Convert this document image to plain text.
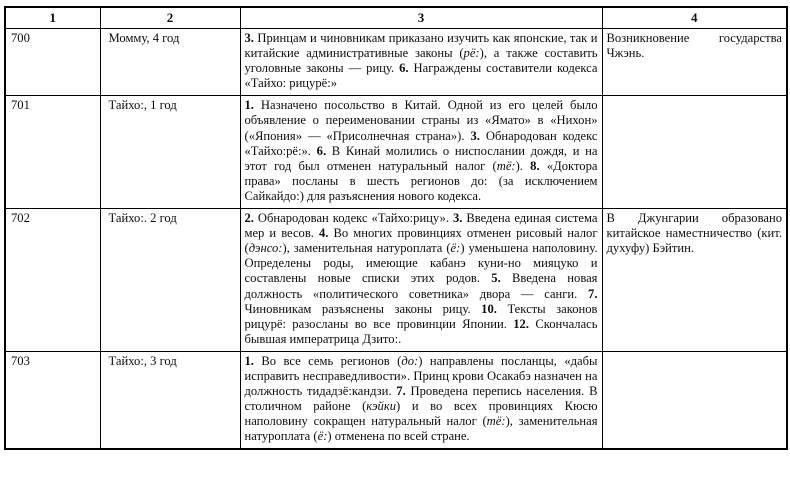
1	2	3	4
700	Момму, 4 год	3. Принцам и чиновникам приказано изучить как японские, так и китайские административные законы (рё:), а также составить уголовные законы — рицу. 6. Награждены составители кодекса «Тайхо: рицурё:»	Возникновение государства Чжэнь.
701	Тайхо:, 1 год	1. Назначено посольство в Китай. Одной из его целей было объявление о переименовании страны из «Ямато» в «Нихон» («Япония» — «Присолнечная страна»). 3. Обнародован кодекс «Тайхо:рё:». 6. В Кинай молились о ниспослании дождя, и на этот год был отменен натуральный налог (тё:). 8. «Доктора права» посланы в шесть регионов до: (за исключением Сайкайдо:) для разъяснения нового кодекса.	
702	Тайхо:. 2 год	2. Обнародован кодекс «Тайхо:рицу». 3. Введена единая система мер и весов. 4. Во многих провинциях отменен рисовый налог (дэнсо:), заменительная натуроплата (ё:) уменьшена наполовину. Определены роды, имеющие кабанэ куни-но мияцуко и составлены новые списки этих родов. 5. Введена новая должность «политического советника» двора — санги. 7. Чиновникам разъяснены законы рицу. 10. Тексты законов рицурё: разосланы во все провинции Японии. 12. Скончалась бывшая императрица Дзито:.	В Джунгарии образовано китайское наместничество (кит. духуфу) Бэйтин.
703	Тайхо:, 3 год	1. Во все семь регионов (до:) направлены посланцы, «дабы исправить несправедливости». Принц крови Осакабэ назначен на должность тидадзё:кандзи. 7. Проведена перепись населения. В столичном районе (кэйки) и во всех провинциях Кюсю наполовину сокращен натуральный налог (тё:), заменительная натуроплата (ё:) отменена по всей стране.	
